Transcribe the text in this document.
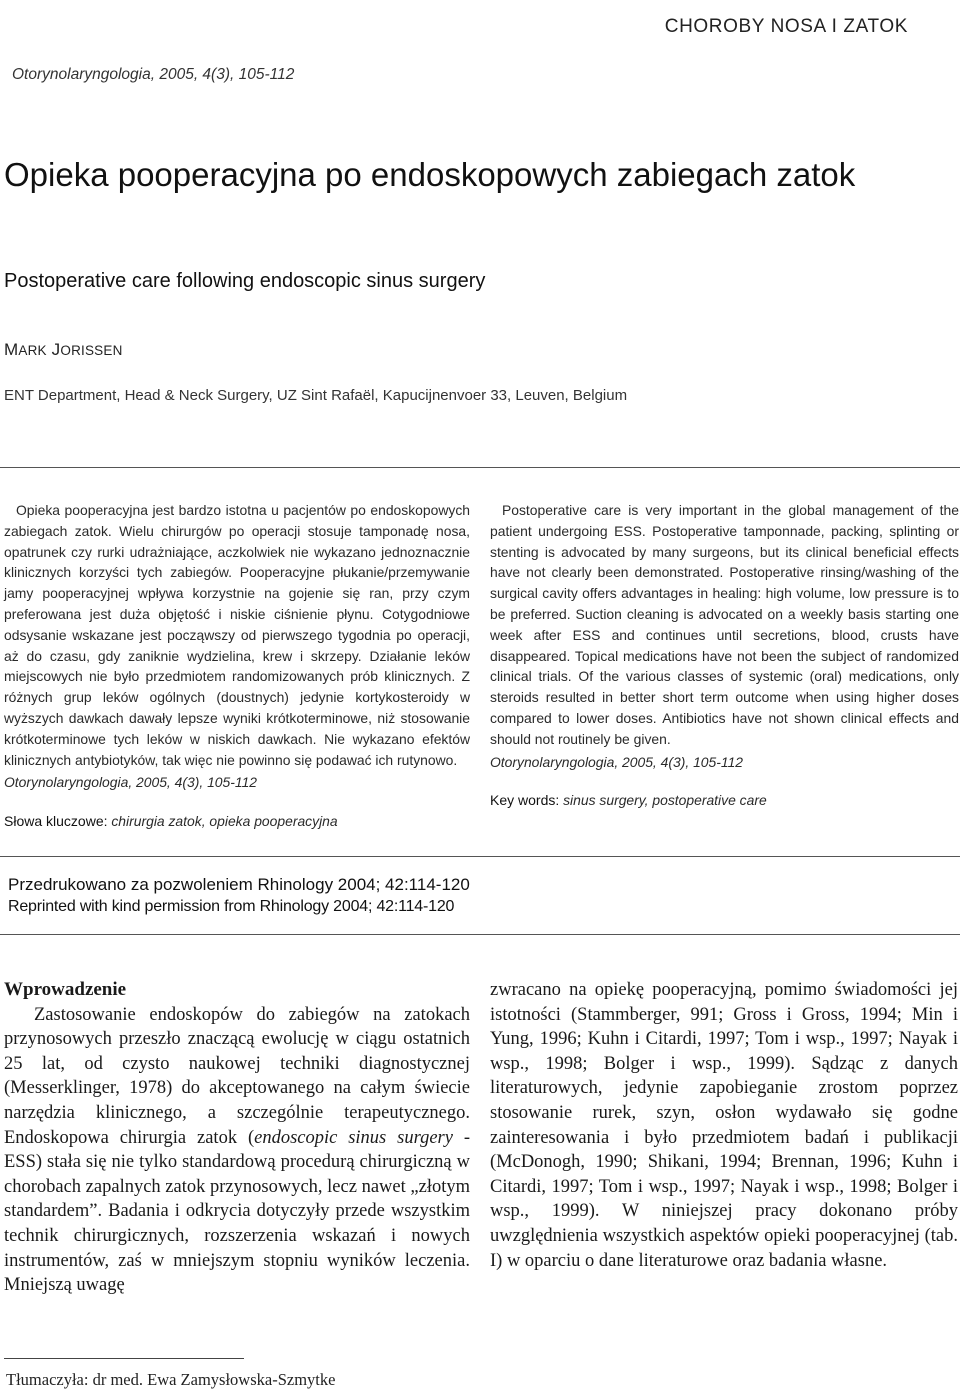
CHOROBY NOSA I ZATOK
Otorynolaryngologia, 2005, 4(3), 105-112
Opieka pooperacyjna po endoskopowych zabiegach zatok
Postoperative care following endoscopic sinus surgery
MARK JORISSEN
ENT Department, Head & Neck Surgery, UZ Sint Rafaël, Kapucijnenvoer 33, Leuven, Belgium

Opieka pooperacyjna jest bardzo istotna u pacjentów po endoskopowych zabiegach zatok. Wielu chirurgów po operacji stosuje tamponadę nosa, opatrunek czy rurki udrażniające, aczkolwiek nie wykazano jednoznacznie klinicznych korzyści tych zabiegów. Pooperacyjne płukanie/przemywanie jamy pooperacyjnej wpływa korzystnie na gojenie się ran, przy czym preferowana jest duża objętość i niskie ciśnienie płynu. Cotygodniowe odsysanie wskazane jest począwszy od pierwszego tygodnia po operacji, aż do czasu, gdy zaniknie wydzielina, krew i skrzepy. Działanie leków miejscowych nie było przedmiotem randomizowanych prób klinicznych. Z różnych grup leków ogólnych (doustnych) jedynie kortykosteroidy w wyższych dawkach dawały lepsze wyniki krótkoterminowe, niż stosowanie krótkoterminowe tych leków w niskich dawkach. Nie wykazano efektów klinicznych antybiotyków, tak więc nie powinno się podawać ich rutynowo.

Otorynolaryngologia, 2005, 4(3), 105-112
Słowa kluczowe: chirurgia zatok, opieka pooperacyjna

Postoperative care is very important in the global management of the patient undergoing ESS. Postoperative tamponnade, packing, splinting or stenting is advocated by many surgeons, but its clinical beneficial effects have not clearly been demonstrated. Postoperative rinsing/washing of the surgical cavity offers advantages in healing: high volume, low pressure is to be preferred. Suction cleaning is advocated on a weekly basis starting one week after ESS and continues until secretions, blood, crusts have disappeared. Topical medications have not been the subject of randomized clinical trials. Of the various classes of systemic (oral) medications, only steroids resulted in better short term outcome when using higher doses compared to lower doses. Antibiotics have not shown clinical effects and should not routinely be given.

Otorynolaryngologia, 2005, 4(3), 105-112
Key words: sinus surgery, postoperative care
Przedrukowano za pozwoleniem Rhinology 2004; 42:114-120
Reprinted with kind permission from Rhinology 2004; 42:114-120
Wprowadzenie
Zastosowanie endoskopów do zabiegów na zatokach przynosowych przeszło znaczącą ewolucję w ciągu ostatnich 25 lat, od czysto naukowej techniki diagnostycznej (Messerklinger, 1978) do akceptowanego na całym świecie narzędzia klinicznego, a szczególnie terapeutycznego. Endoskopowa chirurgia zatok (endoscopic sinus surgery - ESS) stała się nie tylko standardową procedurą chirurgiczną w chorobach zapalnych zatok przynosowych, lecz nawet „złotym standardem”. Badania i odkrycia dotyczyły przede wszystkim technik chirurgicznych, rozszerzenia wskazań i nowych instrumentów, zaś w mniejszym stopniu wyników leczenia. Mniejszą uwagę
zwracano na opiekę pooperacyjną, pomimo świadomości jej istotności (Stammberger, 991; Gross i Gross, 1994; Min i Yung, 1996; Kuhn i Citardi, 1997; Tom i wsp., 1997; Nayak i wsp., 1998; Bolger i wsp., 1999). Sądząc z danych literaturowych, jedynie zapobieganie zrostom poprzez stosowanie rurek, szyn, osłon wydawało się godne zainteresowania i było przedmiotem badań i publikacji (McDonogh, 1990; Shikani, 1994; Brennan, 1996; Kuhn i Citardi, 1997; Tom i wsp., 1997; Nayak i wsp., 1998; Bolger i wsp., 1999). W niniejszej pracy dokonano próby uwzględnienia wszystkich aspektów opieki pooperacyjnej (tab. I) w oparciu o dane literaturowe oraz badania własne.
Tłumaczyła: dr med. Ewa Zamysłowska-Szmytke
